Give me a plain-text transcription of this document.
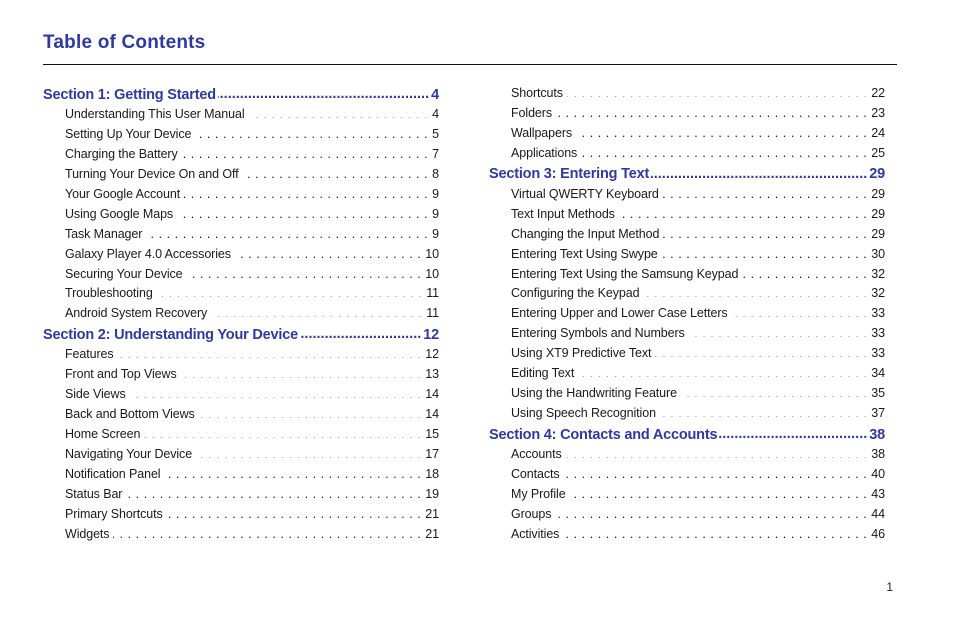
Table of Contents
Section 1: Getting Started .....	4
Understanding This User Manual . . .	4
Setting Up Your Device . . .	5
Charging the Battery . . .	7
Turning Your Device On and Off . . .	8
Your Google Account . . .	9
Using Google Maps . . .	9
Task Manager . . .	9
Galaxy Player 4.0 Accessories . . .	10
Securing Your Device . . .	10
Troubleshooting . . .	11
Android System Recovery . . .	11
Section 2: Understanding Your Device .....	12
Features . . .	12
Front and Top Views . . .	13
Side Views . . .	14
Back and Bottom Views . . .	14
Home Screen . . .	15
Navigating Your Device . . .	17
Notification Panel . . .	18
Status Bar . . .	19
Primary Shortcuts . . .	21
Widgets . . .	21
Shortcuts . . .	22
Folders . . .	23
Wallpapers . . .	24
Applications . . .	25
Section 3: Entering Text .....	29
Virtual QWERTY Keyboard . . .	29
Text Input Methods . . .	29
Changing the Input Method . . .	29
Entering Text Using Swype . . .	30
Entering Text Using the Samsung Keypad . . .	32
Configuring the Keypad . . .	32
Entering Upper and Lower Case Letters . . .	33
Entering Symbols and Numbers . . .	33
Using XT9 Predictive Text . . .	33
Editing Text . . .	34
Using the Handwriting Feature . . .	35
Using Speech Recognition . . .	37
Section 4: Contacts and Accounts .....	38
Accounts . . .	38
Contacts . . .	40
My Profile . . .	43
Groups . . .	44
Activities . . .	46
1
